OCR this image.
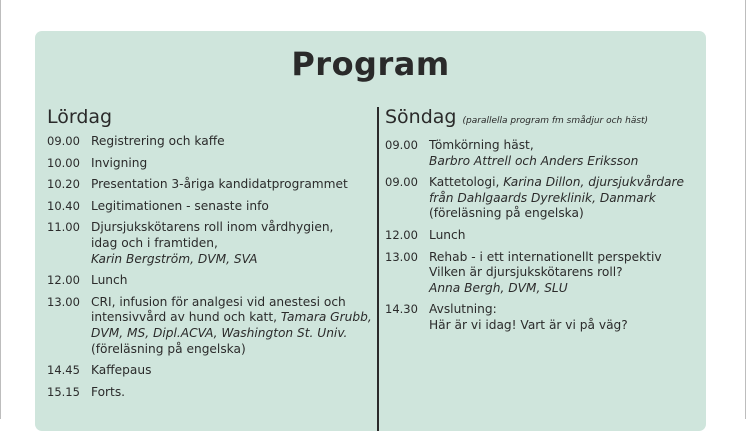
Program
Lördag
09.00 Registrering och kaffe
10.00 Invigning
10.20 Presentation 3-åriga kandidatprogrammet
10.40 Legitimationen - senaste info
11.00 Djursjukskötarens roll inom vårdhygien,
idag och i framtiden,
Karin Bergström, DVM, SVA
12.00 Lunch
13.00 CRI, infusion för analgesi vid anestesi och
intensivvård av hund och katt, Tamara Grubb,
DVM, MS, Dipl.ACVA, Washington St. Univ.
(föreläsning på engelska)
14.45 Kaffepaus
15.15 Forts.
Söndag (parallella program fm smådjur och häst)
09.00 Tömkörning häst,
Barbro Attrell och Anders Eriksson
09.00 Kattetologi, Karina Dillon, djursjukvårdare
från Dahlgaards Dyreklinik, Danmark
(föreläsning på engelska)
12.00 Lunch
13.00 Rehab - i ett internationellt perspektiv
Vilken är djursjukskötarens roll?
Anna Bergh, DVM, SLU
14.30 Avslutning:
Här är vi idag! Vart är vi på väg?
